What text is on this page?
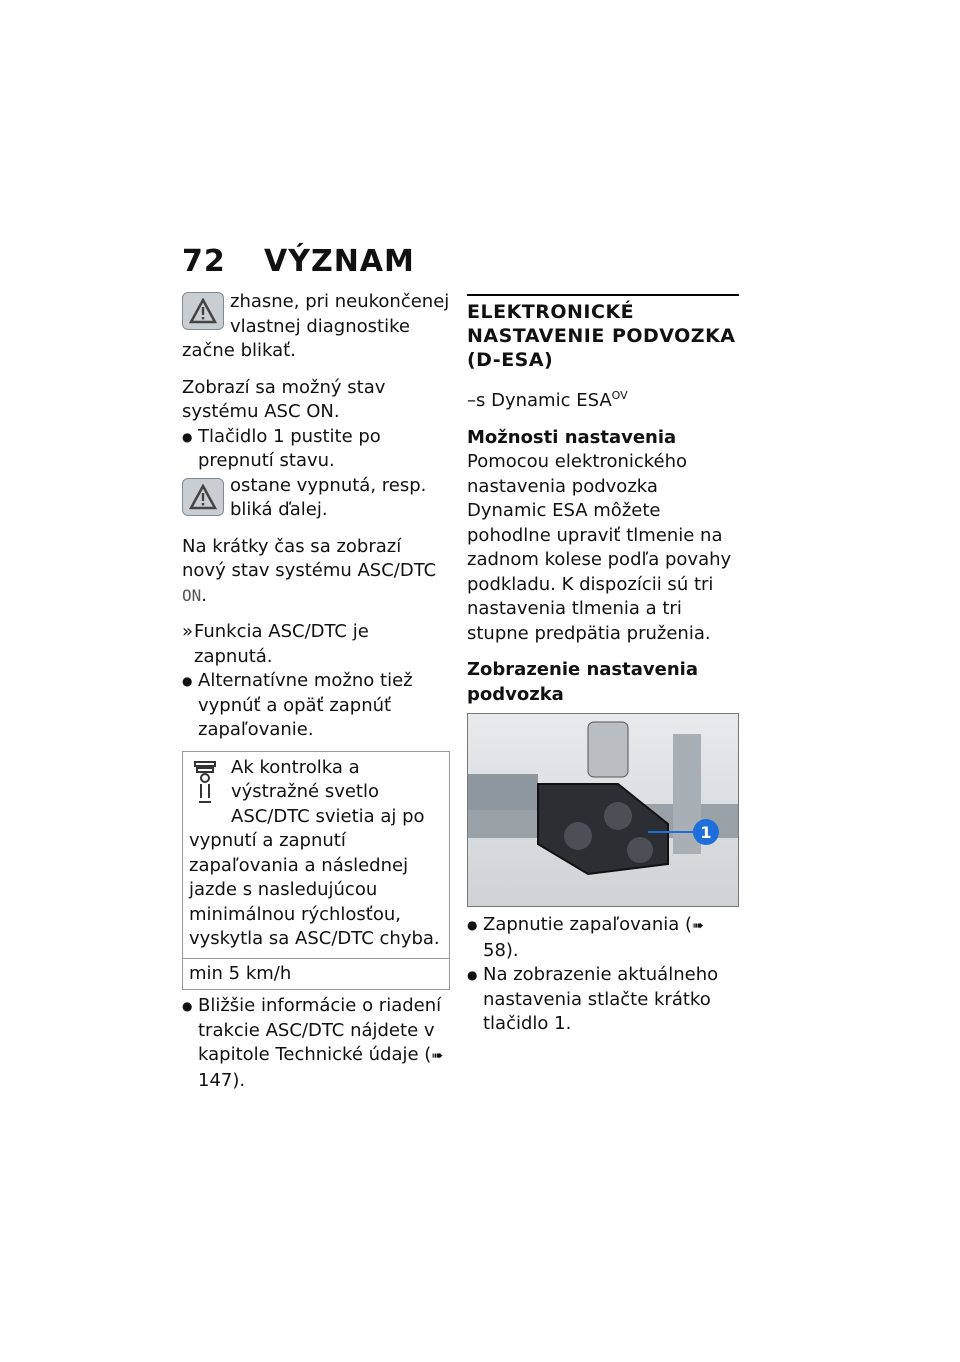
72 VÝZNAM

zhasne, pri neukončenej vlastnej diagnostike začne blikať.

Zobrazí sa možný stav systému ASC ON.

● Tlačidlo 1 pustite po prepnutí stavu.

ostane vypnutá, resp. bliká ďalej.

Na krátky čas sa zobrazí nový stav systému ASC/DTC ON.

» Funkcia ASC/DTC je zapnutá.

● Alternatívne možno tiež vypnúť a opäť zapnúť zapaľovanie.

Ak kontrolka a výstražné svetlo ASC/DTC svietia aj po vypnutí a zapnutí zapaľovania a následnej jazde s nasledujúcou minimálnou rýchlosťou, vyskytla sa ASC/DTC chyba.
min 5 km/h

● Bližšie informácie o riadení trakcie ASC/DTC nájdete v kapitole Technické údaje (➠ 147).

ELEKTRONICKÉ NASTAVENIE PODVOZKA (D-ESA)

–s Dynamic $ESA^{OV}$

Možnosti nastavenia

Pomocou elektronického nastavenia podvozka Dynamic ESA môžete pohodlne upraviť tlmenie na zadnom kolese podľa povahy podkladu. K dispozícii sú tri nastavenia tlmenia a tri stupne predpätia pruženia.

Zobrazenie nastavenia podvozka

1

● Zapnutie zapaľovania (➠ 58).

● Na zobrazenie aktuálneho nastavenia stlačte krátko tlačidlo 1.
